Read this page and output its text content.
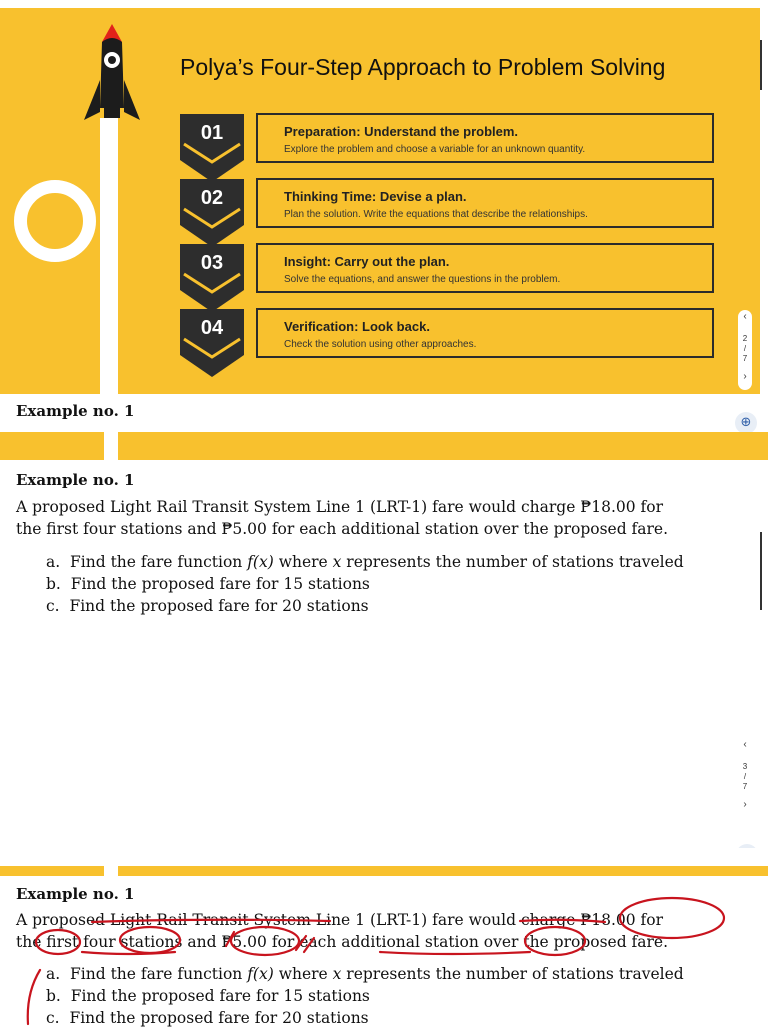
Polya’s Four-Step Approach to Problem Solving
01	Preparation: Understand the problem.
Explore the problem and choose a variable for an unknown quantity.
02	Thinking Time: Devise a plan.
Plan the solution. Write the equations that describe the relationships.
03	Insight: Carry out the plan.
Solve the equations, and answer the questions in the problem.
04	Verification: Look back.
Check the solution using other approaches.
‹
2
/
7
›
Example no. 1
⊕
Example no. 1
A proposed Light Rail Transit System Line 1 (LRT-1) fare would charge ₱18.00 for
the first four stations and ₱5.00 for each additional station over the proposed fare.
a. Find the fare function f(x) where x represents the number of stations traveled
b. Find the proposed fare for 15 stations
c. Find the proposed fare for 20 stations
‹
3
/
7
›
Example no. 1
A proposed Light Rail Transit System Line 1 (LRT-1) fare would charge ₱18.00 for
the first four stations and ₱5.00 for each additional station over the proposed fare.
a. Find the fare function f(x) where x represents the number of stations traveled
b. Find the proposed fare for 15 stations
c. Find the proposed fare for 20 stations
